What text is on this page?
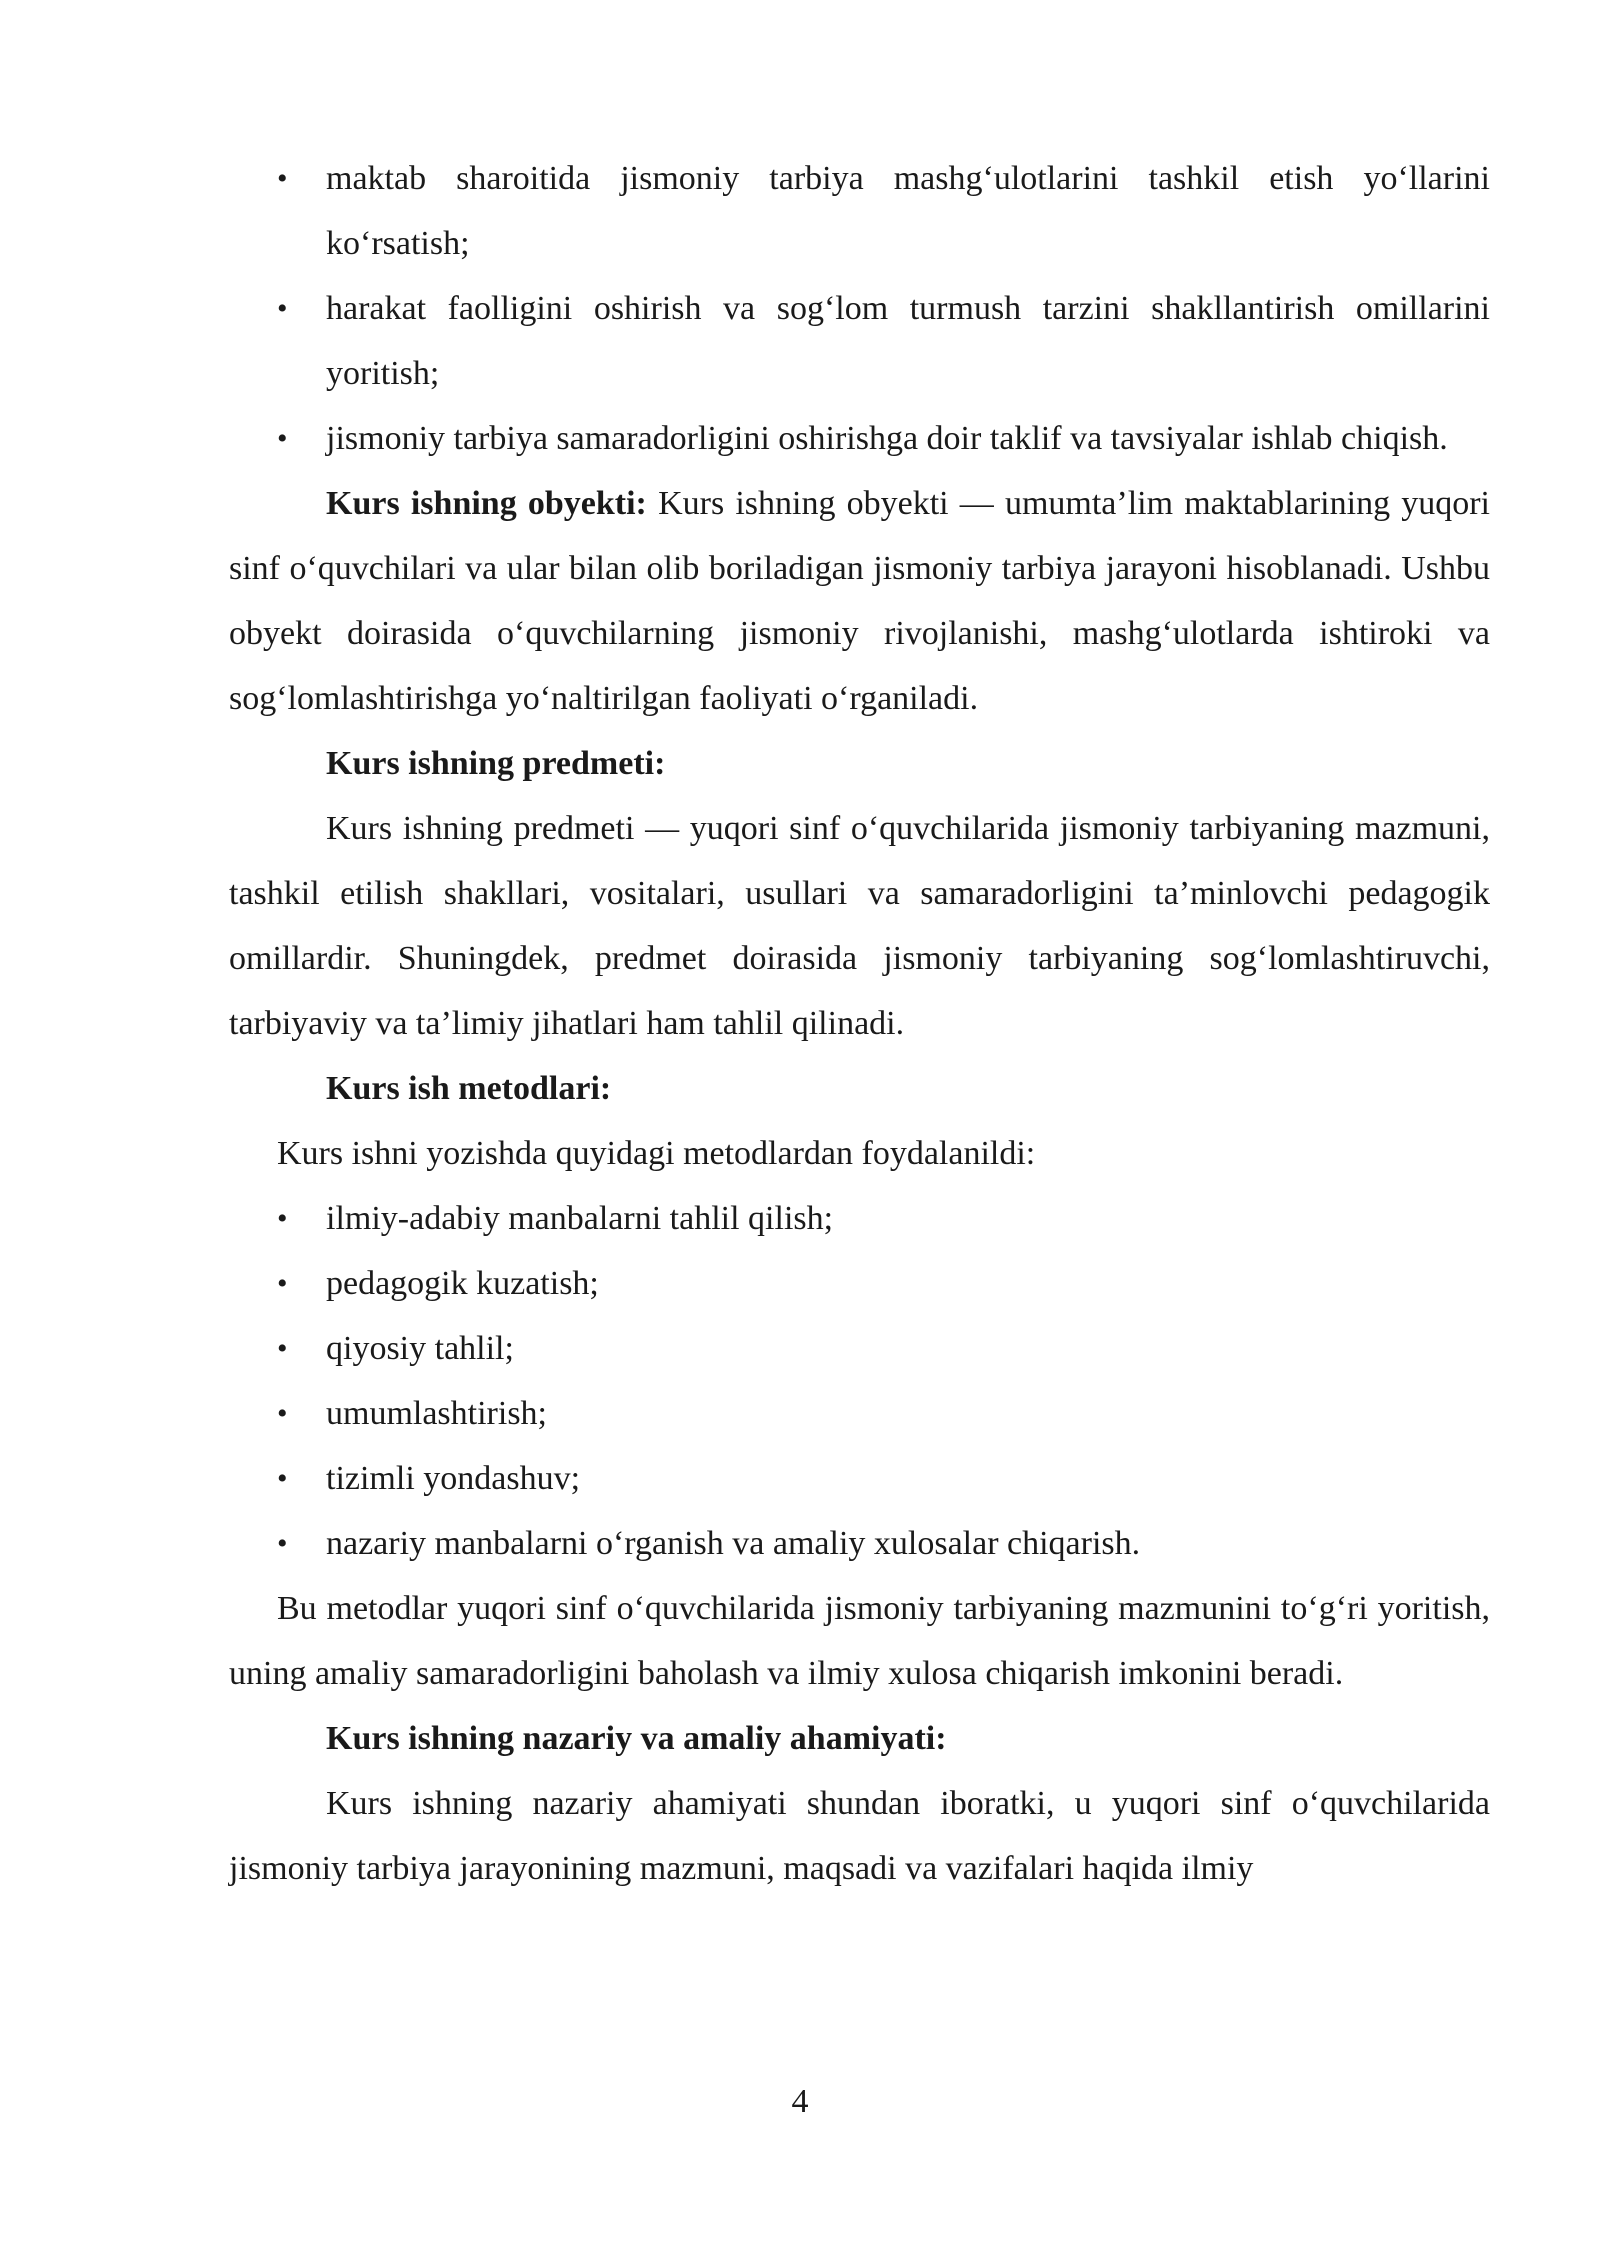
• maktab sharoitida jismoniy tarbiya mashg‘ulotlarini tashkil etish yo‘llarini ko‘rsatish;
• harakat faolligini oshirish va sog‘lom turmush tarzini shakllantirish omillarini yoritish;
• jismoniy tarbiya samaradorligini oshirishga doir taklif va tavsiyalar ishlab chiqish.

Kurs ishning obyekti: Kurs ishning obyekti — umumta’lim maktablarining yuqori sinf o‘quvchilari va ular bilan olib boriladigan jismoniy tarbiya jarayoni hisoblanadi. Ushbu obyekt doirasida o‘quvchilarning jismoniy rivojlanishi, mashg‘ulotlarda ishtiroki va sog‘lomlashtirishga yo‘naltirilgan faoliyati o‘rganiladi.

Kurs ishning predmeti:

Kurs ishning predmeti — yuqori sinf o‘quvchilarida jismoniy tarbiyaning mazmuni, tashkil etilish shakllari, vositalari, usullari va samaradorligini ta’minlovchi pedagogik omillardir. Shuningdek, predmet doirasida jismoniy tarbiyaning sog‘lomlashtiruvchi, tarbiyaviy va ta’limiy jihatlari ham tahlil qilinadi.

Kurs ish metodlari:

Kurs ishni yozishda quyidagi metodlardan foydalanildi:

• ilmiy-adabiy manbalarni tahlil qilish;
• pedagogik kuzatish;
• qiyosiy tahlil;
• umumlashtirish;
• tizimli yondashuv;
• nazariy manbalarni o‘rganish va amaliy xulosalar chiqarish.

Bu metodlar yuqori sinf o‘quvchilarida jismoniy tarbiyaning mazmunini to‘g‘ri yoritish, uning amaliy samaradorligini baholash va ilmiy xulosa chiqarish imkonini beradi.

Kurs ishning nazariy va amaliy ahamiyati:

Kurs ishning nazariy ahamiyati shundan iboratki, u yuqori sinf o‘quvchilarida jismoniy tarbiya jarayonining mazmuni, maqsadi va vazifalari haqida ilmiy

4
